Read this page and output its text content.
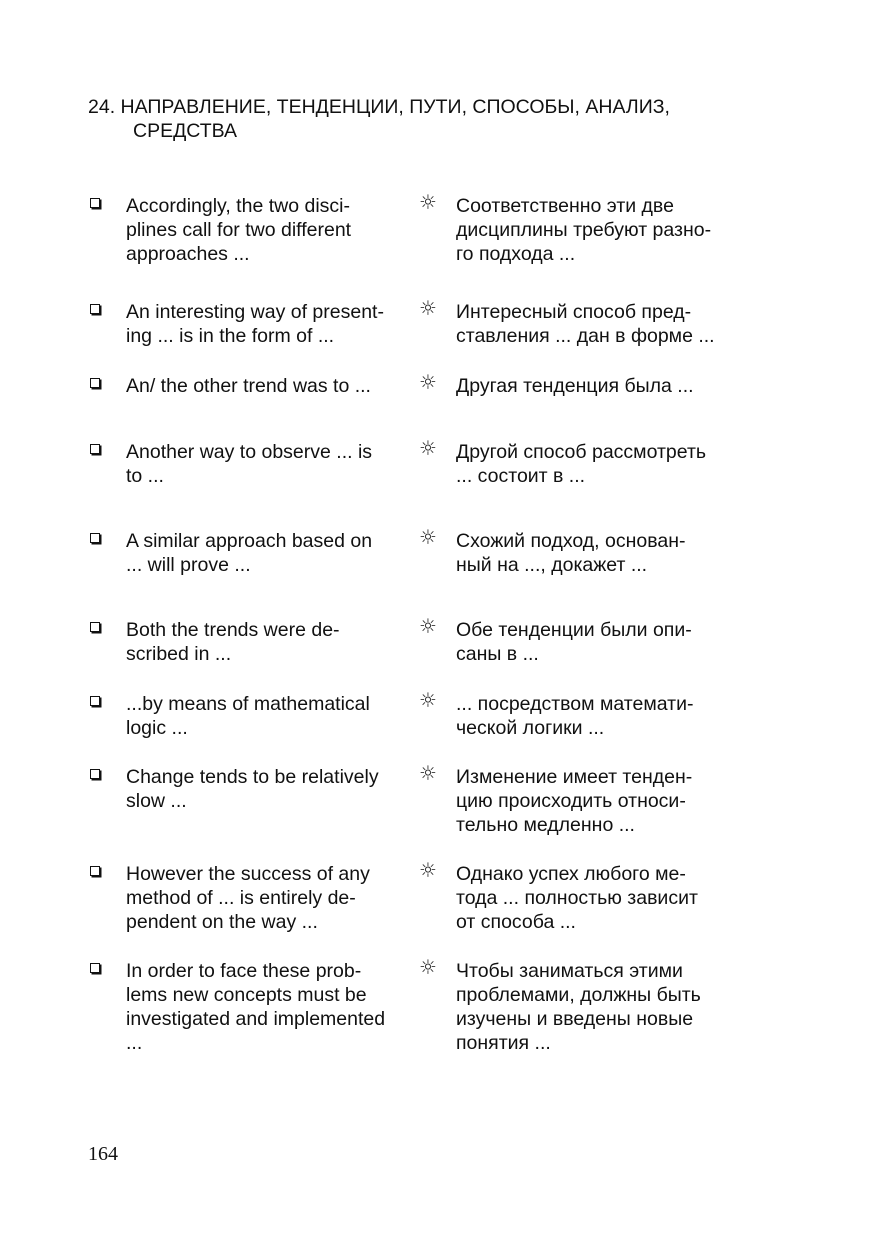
24. НАПРАВЛЕНИЕ, ТЕНДЕНЦИИ, ПУТИ, СПОСОБЫ, АНАЛИЗ,
СРЕДСТВА
Accordingly, the two disci-
plines call for two different
approaches ...
☼ Соответственно эти две
дисциплины требуют разно-
го подхода ...
An interesting way of present-
ing ... is in the form of ...
☼ Интересный способ пред-
ставления ... дан в форме ...
An/ the other trend was to ...	☼ Другая тенденция была ...
Another way to observe ... is
to ...
☼ Другой способ рассмотреть
... состоит в ...
A similar approach based on
... will prove ...
☼ Схожий подход, основан-
ный на ..., докажет ...
Both the trends were de-
scribed in ...
☼ Обе тенденции были опи-
саны в ...
...by means of mathematical
logic ...
☼ ... посредством математи-
ческой логики ...
Change tends to be relatively
slow ...
☼ Изменение имеет тенден-
цию происходить относи-
тельно медленно ...
However the success of any
method of ... is entirely de-
pendent on the way ...
☼ Однако успех любого ме-
тода ... полностью зависит
от способа ...
In order to face these prob-
lems new concepts must be
investigated and implemented
...
☼ Чтобы заниматься этими
проблемами, должны быть
изучены и введены новые
понятия ...
164
